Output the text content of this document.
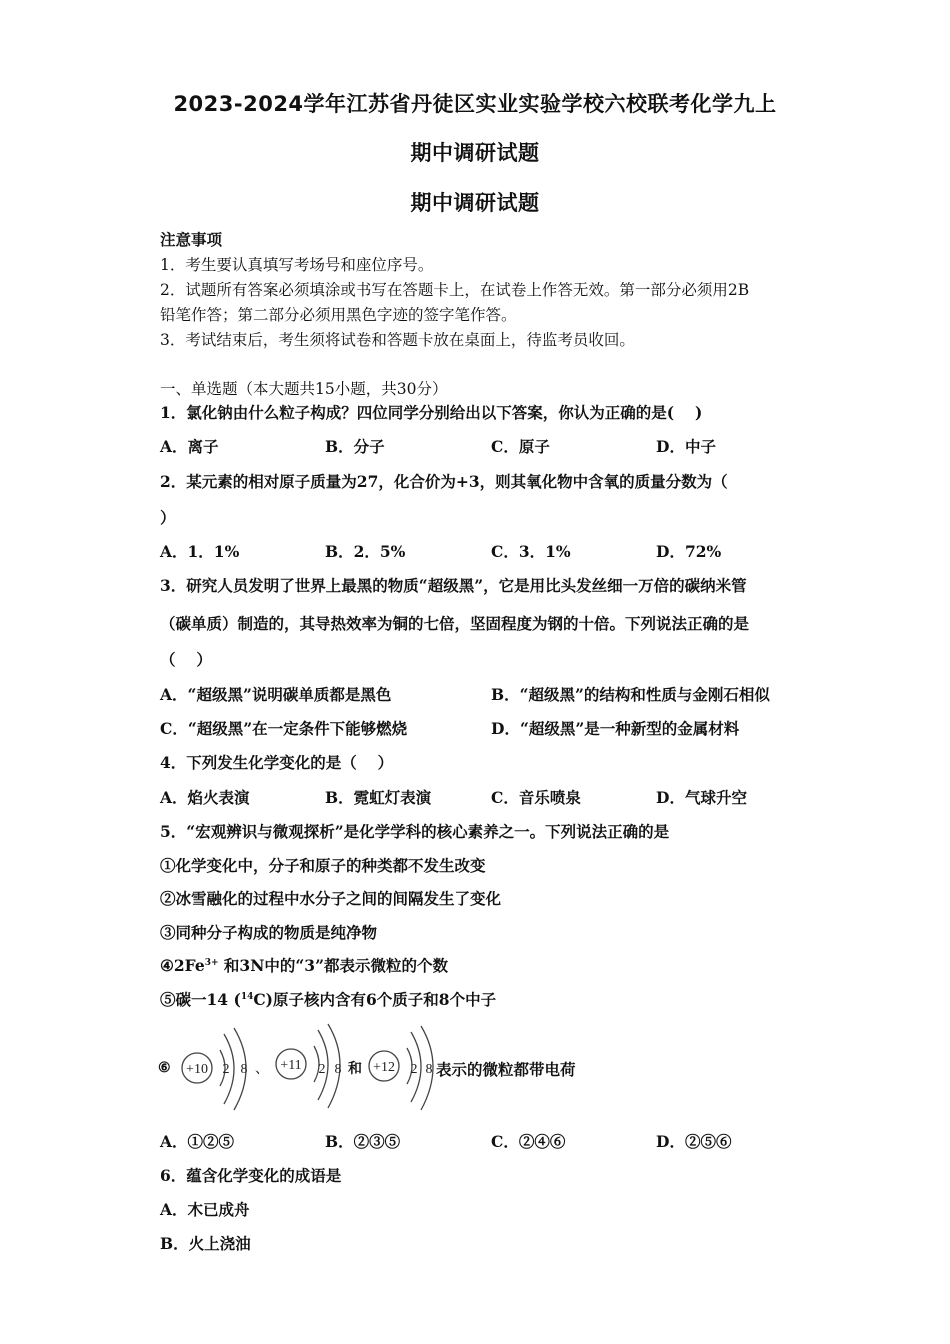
2023-2024学年江苏省丹徒区实业实验学校六校联考化学九上
期中调研试题
期中调研试题
注意事项
1．考生要认真填写考场号和座位序号。
2．试题所有答案必须填涂或书写在答题卡上，在试卷上作答无效。第一部分必须用2B
铅笔作答；第二部分必须用黑色字迹的签字笔作答。
3．考试结束后，考生须将试卷和答题卡放在桌面上，待监考员收回。
一、单选题（本大题共15小题，共30分）
1．氯化钠由什么粒子构成？四位同学分别给出以下答案，你认为正确的是(　 )
A．离子	B．分子	C．原子	D．中子
2．某元素的相对原子质量为27，化合价为+3，则其氧化物中含氧的质量分数为（
）
A．1．1%	B．2．5%	C．3．1%	D．72%
3．研究人员发明了世界上最黑的物质“超级黑”，它是用比头发丝细一万倍的碳纳米管
（碳单质）制造的，其导热效率为铜的七倍，坚固程度为钢的十倍。下列说法正确的是
（　 ）
A．“超级黑”说明碳单质都是黑色	B．“超级黑”的结构和性质与金刚石相似
C．“超级黑”在一定条件下能够燃烧	D．“超级黑”是一种新型的金属材料
4．下列发生化学变化的是（　 ）
A．焰火表演	B．霓虹灯表演	C．音乐喷泉	D．气球升空
5．“宏观辨识与微观探析”是化学学科的核心素养之一。下列说法正确的是
①化学变化中，分子和原子的种类都不发生改变
②冰雪融化的过程中水分子之间的间隔发生了变化
③同种分子构成的物质是纯净物
$④2Fe^{3+}$ 和3N中的“3”都表示微粒的个数
⑤碳一14 ($^{14}$C)原子核内含有6个质子和8个中子
⑥ +10 2 8 、 +11 2 8 和 +12 2 8 表示的微粒都带电荷
A．①②⑤	B．②③⑤	C．②④⑥	D．②⑤⑥
6．蕴含化学变化的成语是
A．木已成舟
B．火上浇油
